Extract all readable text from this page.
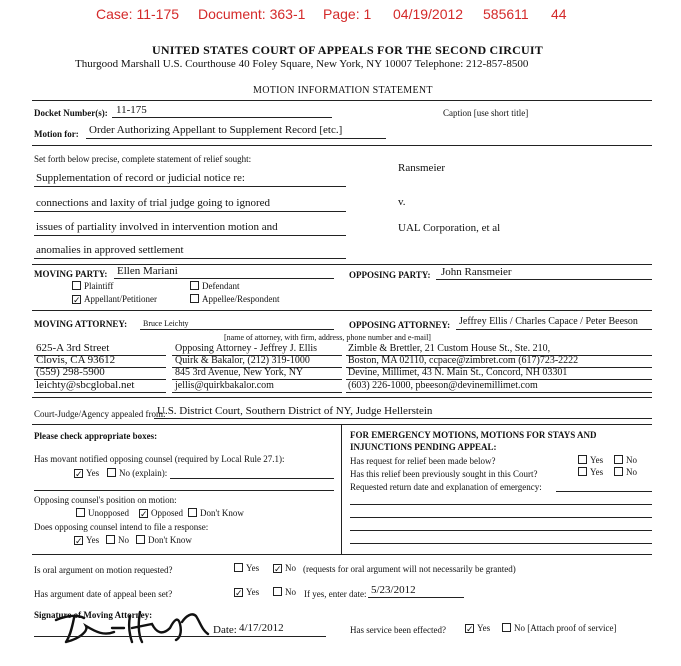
Case: 11-175 Document: 363-1 Page: 1 04/19/2012 585611 44
UNITED STATES COURT OF APPEALS FOR THE SECOND CIRCUIT
Thurgood Marshall U.S. Courthouse 40 Foley Square, New York, NY 10007 Telephone: 212-857-8500
MOTION INFORMATION STATEMENT
Docket Number(s): 11-175	Caption [use short title]
Motion for: Order Authorizing Appellant to Supplement Record [etc.]
Set forth below precise, complete statement of relief sought:
Supplementation of record or judicial notice re:
connections and laxity of trial judge going to ignored
issues of partiality involved in intervention motion and
anomalies in approved settlement
Ransmeier
v.
UAL Corporation, et al
MOVING PARTY: Ellen Mariani
Plaintiff	Defendant
✓ Appellant/Petitioner	Appellee/Respondent
OPPOSING PARTY: John Ransmeier
MOVING ATTORNEY: Bruce Leichty	OPPOSING ATTORNEY: Jeffrey Ellis / Charles Capace / Peter Beeson
[name of attorney, with firm, address, phone number and e-mail]
625-A 3rd Street
Clovis, CA 93612
(559) 298-5900
leichty@sbcglobal.net
Opposing Attorney - Jeffrey J. Ellis
Quirk & Bakalor, (212) 319-1000
845 3rd Avenue, New York, NY
jellis@quirkbakalor.com
Zimble & Brettler, 21 Custom House St., Ste. 210,
Boston, MA 02110, ccpace@zimbret.com (617)723-2222
Devine, Millimet, 43 N. Main St., Concord, NH 03301
(603) 226-1000, pbeeson@devinemillimet.com
Court-Judge/Agency appealed from:
U.S. District Court, Southern District of NY, Judge Hellerstein
Please check appropriate boxes:	FOR EMERGENCY MOTIONS, MOTIONS FOR STAYS AND
INJUNCTIONS PENDING APPEAL:
Has movant notified opposing counsel (required by Local Rule 27.1):
✓ Yes	No (explain):
Has request for relief been made below?	Yes	No
Has this relief been previously sought in this Court?	Yes	No
Requested return date and explanation of emergency:
Opposing counsel's position on motion:
Unopposed ✓ Opposed	Don't Know
Does opposing counsel intend to file a response:
✓ Yes	No	Don't Know
Is oral argument on motion requested?	Yes ✓ No (requests for oral argument will not necessarily be granted)
Has argument date of appeal been set?	✓ Yes	No If yes, enter date: 5/23/2012
Signature of Moving Attorney:
Date: 4/17/2012	Has service been effected? ✓ Yes	No [Attach proof of service]
